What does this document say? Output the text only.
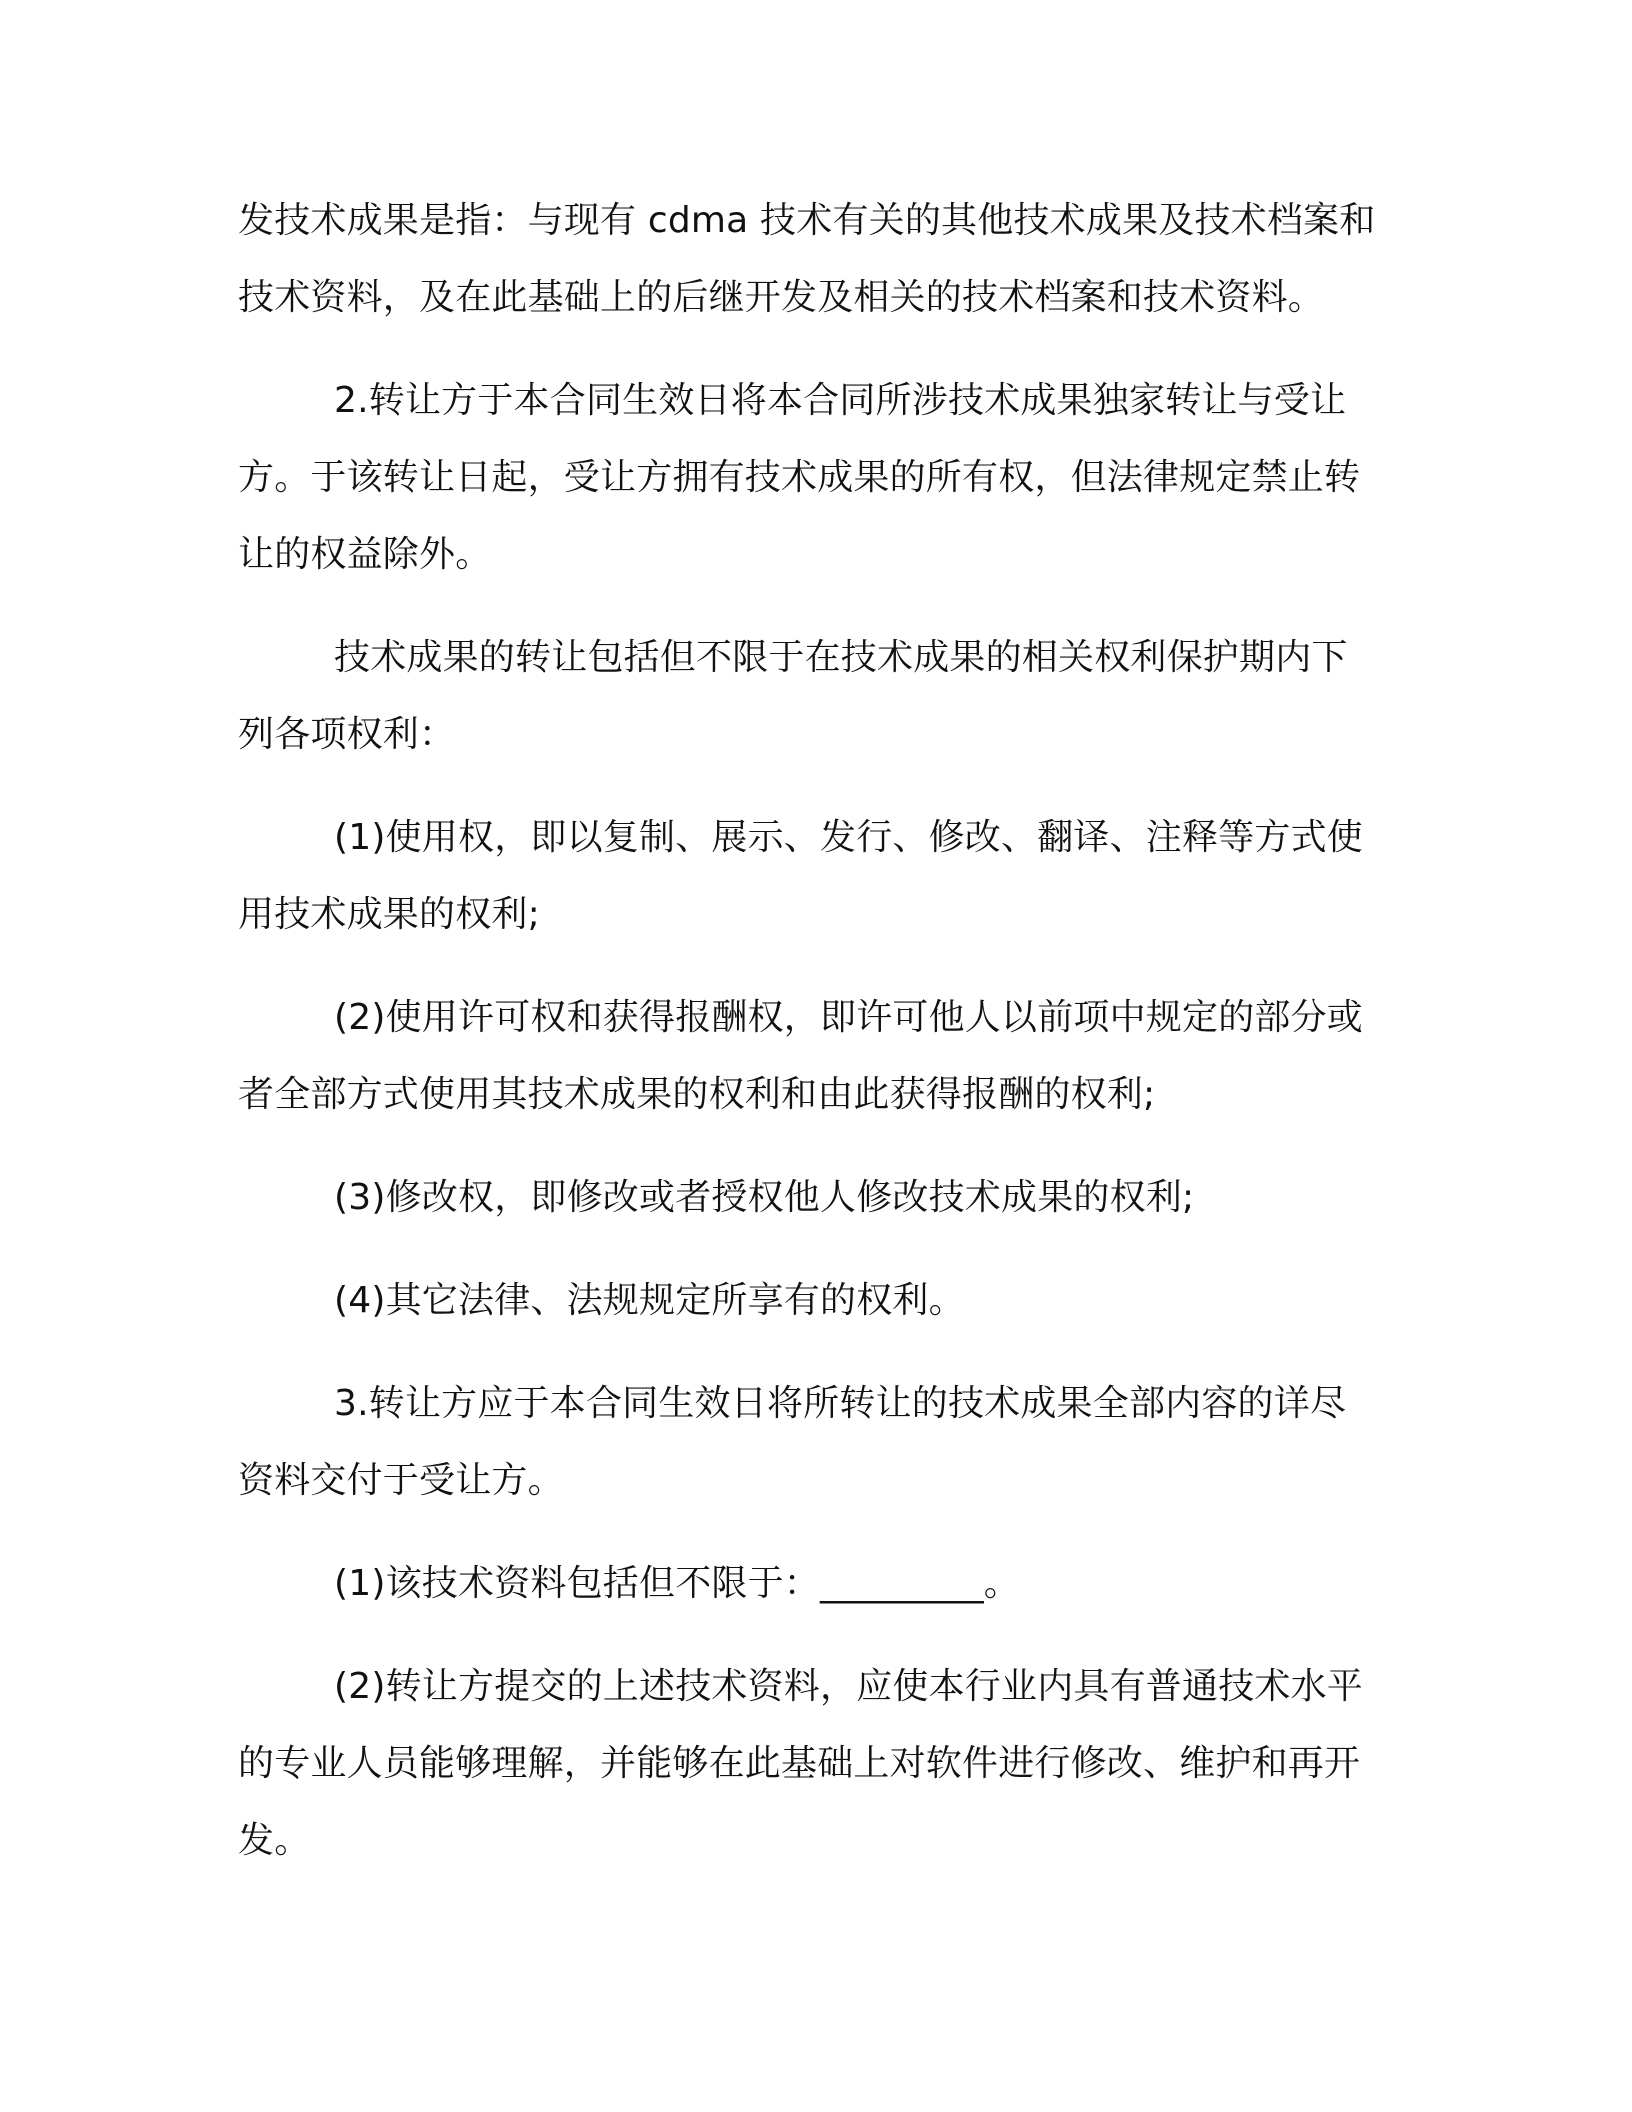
发技术成果是指：与现有 cdma 技术有关的其他技术成果及技术档案和技术资料，及在此基础上的后继开发及相关的技术档案和技术资料。

2.转让方于本合同生效日将本合同所涉技术成果独家转让与受让方。于该转让日起，受让方拥有技术成果的所有权，但法律规定禁止转让的权益除外。

技术成果的转让包括但不限于在技术成果的相关权利保护期内下列各项权利：

(1)使用权，即以复制、展示、发行、修改、翻译、注释等方式使用技术成果的权利;

(2)使用许可权和获得报酬权，即许可他人以前项中规定的部分或者全部方式使用其技术成果的权利和由此获得报酬的权利;

(3)修改权，即修改或者授权他人修改技术成果的权利;

(4)其它法律、法规规定所享有的权利。

3.转让方应于本合同生效日将所转让的技术成果全部内容的详尽资料交付于受让方。

(1)该技术资料包括但不限于：_________。

(2)转让方提交的上述技术资料，应使本行业内具有普通技术水平的专业人员能够理解，并能够在此基础上对软件进行修改、维护和再开发。
